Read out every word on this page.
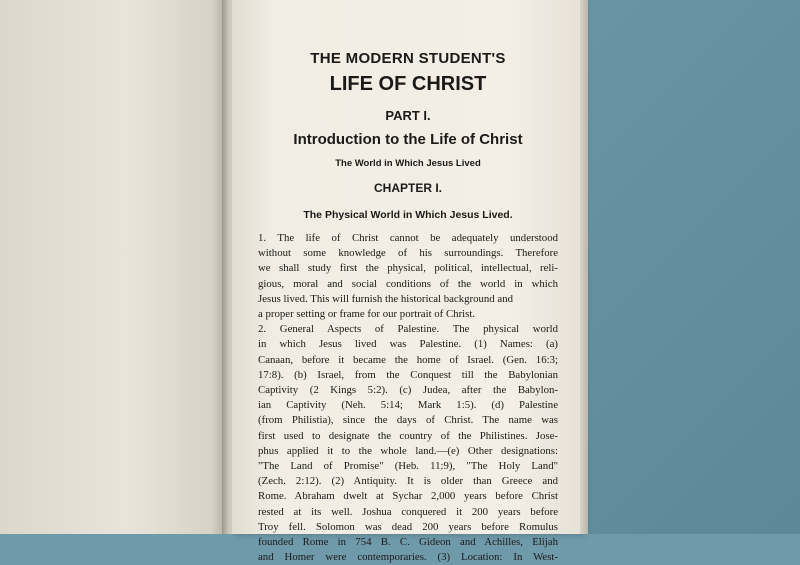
THE MODERN STUDENT'S

LIFE OF CHRIST

PART I.

Introduction to the Life of Christ

The World in Which Jesus Lived

CHAPTER I.

The Physical World in Which Jesus Lived.

1. The life of Christ cannot be adequately understood
without some knowledge of his surroundings. Therefore
we shall study first the physical, political, intellectual, reli-
gious, moral and social conditions of the world in which
Jesus lived. This will furnish the historical background and
a proper setting or frame for our portrait of Christ.
2. General Aspects of Palestine. The physical world
in which Jesus lived was Palestine. (1) Names: (a)
Canaan, before it became the home of Israel. (Gen. 16:3;
17:8). (b) Israel, from the Conquest till the Babylonian
Captivity (2 Kings 5:2). (c) Judea, after the Babylon-
ian Captivity (Neh. 5:14; Mark 1:5). (d) Palestine
(from Philistia), since the days of Christ. The name was
first used to designate the country of the Philistines. Jose-
phus applied it to the whole land.—(e) Other designations:
"The Land of Promise" (Heb. 11:9), "The Holy Land"
(Zech. 2:12). (2) Antiquity. It is older than Greece and
Rome. Abraham dwelt at Sychar 2,000 years before Christ
rested at its well. Joshua conquered it 200 years before
Troy fell. Solomon was dead 200 years before Romulus
founded Rome in 754 B. C. Gideon and Achilles, Elijah
and Homer were contemporaries. (3) Location: In West-
